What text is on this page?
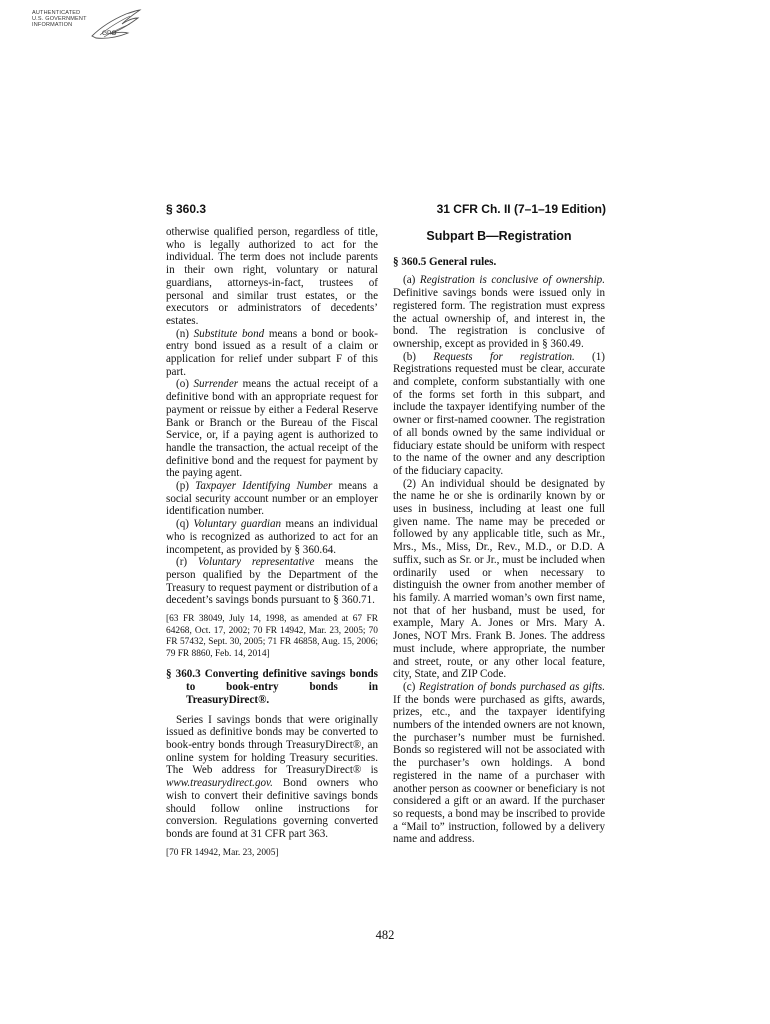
AUTHENTICATED
U.S. GOVERNMENT
INFORMATION
GPO
§ 360.3	31 CFR Ch. II (7–1–19 Edition)

otherwise qualified person, regardless of title, who is legally authorized to act for the individual. The term does not include parents in their own right, voluntary or natural guardians, attorneys-in-fact, trustees of personal and similar trust estates, or the executors or administrators of decedents’ estates.

(n) Substitute bond means a bond or book-entry bond issued as a result of a claim or application for relief under subpart F of this part.

(o) Surrender means the actual receipt of a definitive bond with an appropriate request for payment or reissue by either a Federal Reserve Bank or Branch or the Bureau of the Fiscal Service, or, if a paying agent is authorized to handle the transaction, the actual receipt of the definitive bond and the request for payment by the paying agent.

(p) Taxpayer Identifying Number means a social security account number or an employer identification number.

(q) Voluntary guardian means an individual who is recognized as authorized to act for an incompetent, as provided by § 360.64.

(r) Voluntary representative means the person qualified by the Department of the Treasury to request payment or distribution of a decedent’s savings bonds pursuant to § 360.71.

[63 FR 38049, July 14, 1998, as amended at 67 FR 64268, Oct. 17, 2002; 70 FR 14942, Mar. 23, 2005; 70 FR 57432, Sept. 30, 2005; 71 FR 46858, Aug. 15, 2006; 79 FR 8860, Feb. 14, 2014]

§ 360.3 Converting definitive savings bonds to book-entry bonds in TreasuryDirect®.

Series I savings bonds that were originally issued as definitive bonds may be converted to book-entry bonds through TreasuryDirect®, an online system for holding Treasury securities. The Web address for TreasuryDirect® is www.treasurydirect.gov. Bond owners who wish to convert their definitive savings bonds should follow online instructions for conversion. Regulations governing converted bonds are found at 31 CFR part 363.

[70 FR 14942, Mar. 23, 2005]

Subpart B—Registration

§ 360.5 General rules.

(a) Registration is conclusive of ownership. Definitive savings bonds were issued only in registered form. The registration must express the actual ownership of, and interest in, the bond. The registration is conclusive of ownership, except as provided in § 360.49.

(b) Requests for registration. (1) Registrations requested must be clear, accurate and complete, conform substantially with one of the forms set forth in this subpart, and include the taxpayer identifying number of the owner or first-named coowner. The registration of all bonds owned by the same individual or fiduciary estate should be uniform with respect to the name of the owner and any description of the fiduciary capacity.

(2) An individual should be designated by the name he or she is ordinarily known by or uses in business, including at least one full given name. The name may be preceded or followed by any applicable title, such as Mr., Mrs., Ms., Miss, Dr., Rev., M.D., or D.D. A suffix, such as Sr. or Jr., must be included when ordinarily used or when necessary to distinguish the owner from another member of his family. A married woman’s own first name, not that of her husband, must be used, for example, Mary A. Jones or Mrs. Mary A. Jones, NOT Mrs. Frank B. Jones. The address must include, where appropriate, the number and street, route, or any other local feature, city, State, and ZIP Code.

(c) Registration of bonds purchased as gifts. If the bonds were purchased as gifts, awards, prizes, etc., and the taxpayer identifying numbers of the intended owners are not known, the purchaser’s number must be furnished. Bonds so registered will not be associated with the purchaser’s own holdings. A bond registered in the name of a purchaser with another person as coowner or beneficiary is not considered a gift or an award. If the purchaser so requests, a bond may be inscribed to provide a “Mail to” instruction, followed by a delivery name and address.

482
